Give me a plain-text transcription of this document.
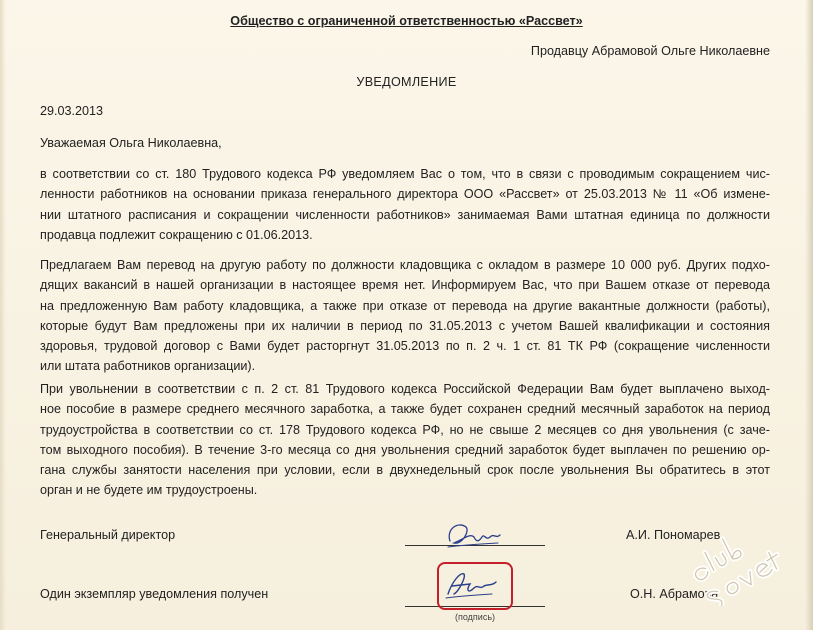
Общество с ограниченной ответственностью «Рассвет»
Продавцу Абрамовой Ольге Николаевне
УВЕДОМЛЕНИЕ
29.03.2013
Уважаемая Ольга Николаевна,
в соответствии со ст. 180 Трудового кодекса РФ уведомляем Вас о том, что в связи с проводимым сокращением чис-
ленности работников на основании приказа генерального директора ООО «Рассвет» от 25.03.2013 № 11 «Об измене-
нии штатного расписания и сокращении численности работников» занимаемая Вами штатная единица по должности
продавца подлежит сокращению с 01.06.2013.
Предлагаем Вам перевод на другую работу по должности кладовщика с окладом в размере 10 000 руб. Других подхо-
дящих вакансий в нашей организации в настоящее время нет. Информируем Вас, что при Вашем отказе от перевода
на предложенную Вам работу кладовщика, а также при отказе от перевода на другие вакантные должности (работы),
которые будут Вам предложены при их наличии в период по 31.05.2013 с учетом Вашей квалификации и состояния
здоровья, трудовой договор с Вами будет расторгнут 31.05.2013 по п. 2 ч. 1 ст. 81 ТК РФ (сокращение численности
или штата работников организации).
При увольнении в соответствии с п. 2 ст. 81 Трудового кодекса Российской Федерации Вам будет выплачено выход-
ное пособие в размере среднего месячного заработка, а также будет сохранен средний месячный заработок на период
трудоустройства в соответствии со ст. 178 Трудового кодекса РФ, но не свыше 2 месяцев со дня увольнения (с заче-
том выходного пособия). В течение 3-го месяца со дня увольнения средний заработок будет выплачен по решению ор-
гана службы занятости населения при условии, если в двухнедельный срок после увольнения Вы обратитесь в этот
орган и не будете им трудоустроены.
Генеральный директор	А.И. Пономарев
Один экземпляр уведомления получен
(подпись)
О.Н. Абрамова
